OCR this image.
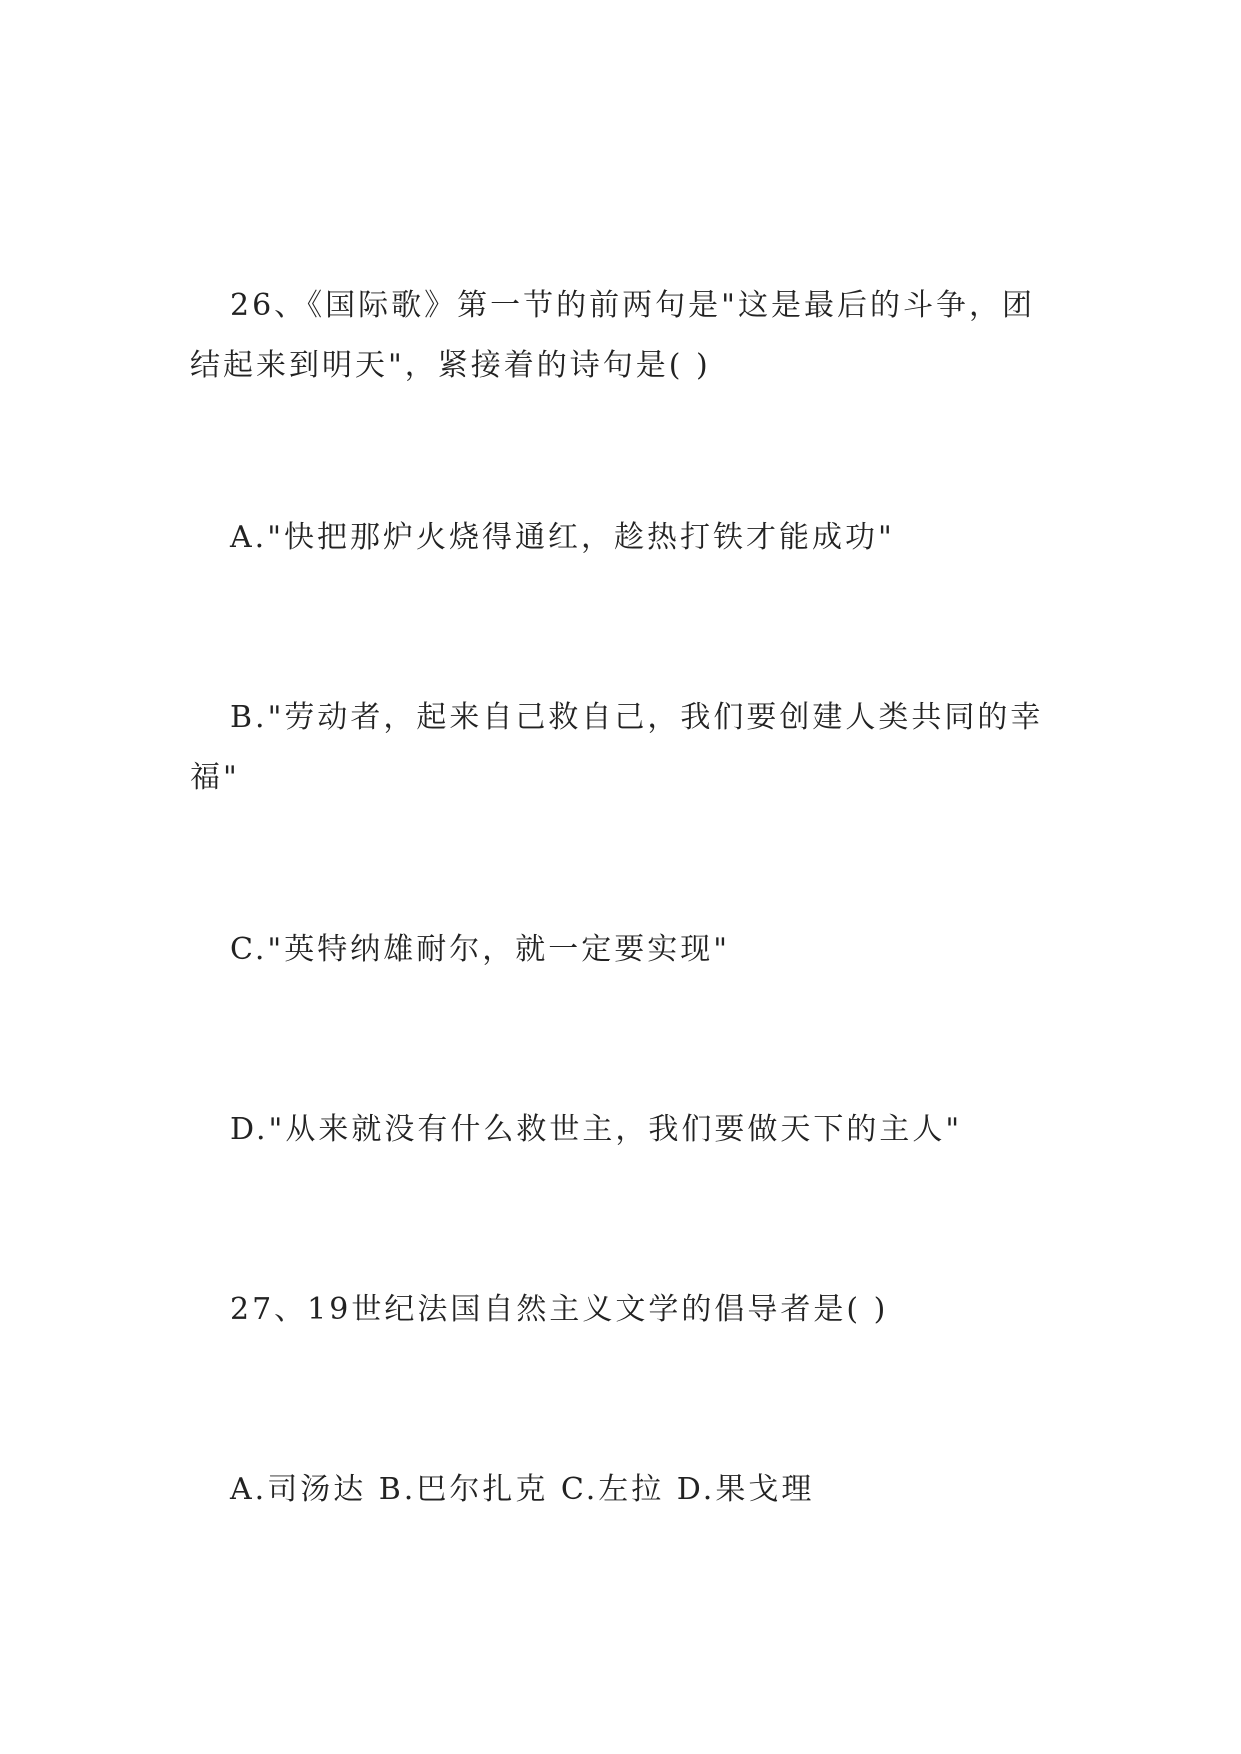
26、《国际歌》第一节的前两句是"这是最后的斗争，团结起来到明天"，紧接着的诗句是( )

A."快把那炉火烧得通红，趁热打铁才能成功"

B."劳动者，起来自己救自己，我们要创建人类共同的幸福"

C."英特纳雄耐尔，就一定要实现"

D."从来就没有什么救世主，我们要做天下的主人"

27、19世纪法国自然主义文学的倡导者是( )

A.司汤达 B.巴尔扎克 C.左拉 D.果戈理
